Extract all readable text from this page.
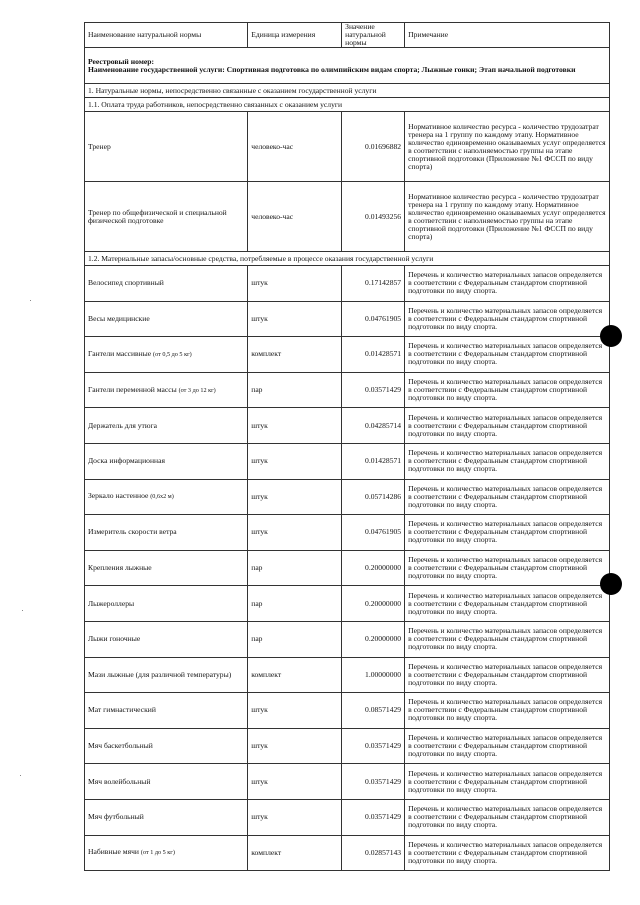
Наименование натуральной нормы	Единица измерения	Значение натуральной нормы	Примечание

Реестровый номер:
Наименование государственной услуги: Спортивная подготовка по олимпийским видам спорта; Лыжные гонки; Этап начальной подготовки			

1. Натуральные нормы, непосредственно связанные с оказанием государственной услуги			
1.1. Оплата труда работников, непосредственно связанных с оказанием услуги			
Тренер	человеко-час	0.01696882	Нормативное количество ресурса - количество трудозатрат тренера на 1 группу по каждому этапу. Нормативное количество единовременно оказываемых услуг определяется в соответствии с наполняемостью группы на этапе спортивной подготовки (Приложение №1 ФССП по виду спорта)
Тренер по общефизической и специальной физической подготовке	человеко-час	0.01493256	Нормативное количество ресурса - количество трудозатрат тренера на 1 группу по каждому этапу. Нормативное количество единовременно оказываемых услуг определяется в соответствии с наполняемостью группы на этапе спортивной подготовки (Приложение №1 ФССП по виду спорта)
1.2. Материальные запасы/основные средства, потребляемые в процессе оказания государственной услуги			
Велосипед спортивный	штук	0.17142857	Перечень и количество материальных запасов определяется в соответствии с Федеральным стандартом спортивной подготовки по виду спорта.
Весы медицинские	штук	0.04761905	Перечень и количество материальных запасов определяется в соответствии с Федеральным стандартом спортивной подготовки по виду спорта.
Гантели массивные (от 0,5 до 5 кг)	комплект	0.01428571	Перечень и количество материальных запасов определяется в соответствии с Федеральным стандартом спортивной подготовки по виду спорта.
Гантели переменной массы (от 3 до 12 кг)	пар	0.03571429	Перечень и количество материальных запасов определяется в соответствии с Федеральным стандартом спортивной подготовки по виду спорта.
Держатель для утюга	штук	0.04285714	Перечень и количество материальных запасов определяется в соответствии с Федеральным стандартом спортивной подготовки по виду спорта.
Доска информационная	штук	0.01428571	Перечень и количество материальных запасов определяется в соответствии с Федеральным стандартом спортивной подготовки по виду спорта.
Зеркало настенное (0,6х2 м)	штук	0.05714286	Перечень и количество материальных запасов определяется в соответствии с Федеральным стандартом спортивной подготовки по виду спорта.
Измеритель скорости ветра	штук	0.04761905	Перечень и количество материальных запасов определяется в соответствии с Федеральным стандартом спортивной подготовки по виду спорта.
Крепления лыжные	пар	0.20000000	Перечень и количество материальных запасов определяется в соответствии с Федеральным стандартом спортивной подготовки по виду спорта.
Лыжероллеры	пар	0.20000000	Перечень и количество материальных запасов определяется в соответствии с Федеральным стандартом спортивной подготовки по виду спорта.
Лыжи гоночные	пар	0.20000000	Перечень и количество материальных запасов определяется в соответствии с Федеральным стандартом спортивной подготовки по виду спорта.
Мази лыжные (для различной температуры)	комплект	1.00000000	Перечень и количество материальных запасов определяется в соответствии с Федеральным стандартом спортивной подготовки по виду спорта.
Мат гимнастический	штук	0.08571429	Перечень и количество материальных запасов определяется в соответствии с Федеральным стандартом спортивной подготовки по виду спорта.
Мяч баскетбольный	штук	0.03571429	Перечень и количество материальных запасов определяется в соответствии с Федеральным стандартом спортивной подготовки по виду спорта.
Мяч волейбольный	штук	0.03571429	Перечень и количество материальных запасов определяется в соответствии с Федеральным стандартом спортивной подготовки по виду спорта.
Мяч футбольный	штук	0.03571429	Перечень и количество материальных запасов определяется в соответствии с Федеральным стандартом спортивной подготовки по виду спорта.
Набивные мячи (от 1 до 5 кг)	комплект	0.02857143	Перечень и количество материальных запасов определяется в соответствии с Федеральным стандартом спортивной подготовки по виду спорта.
